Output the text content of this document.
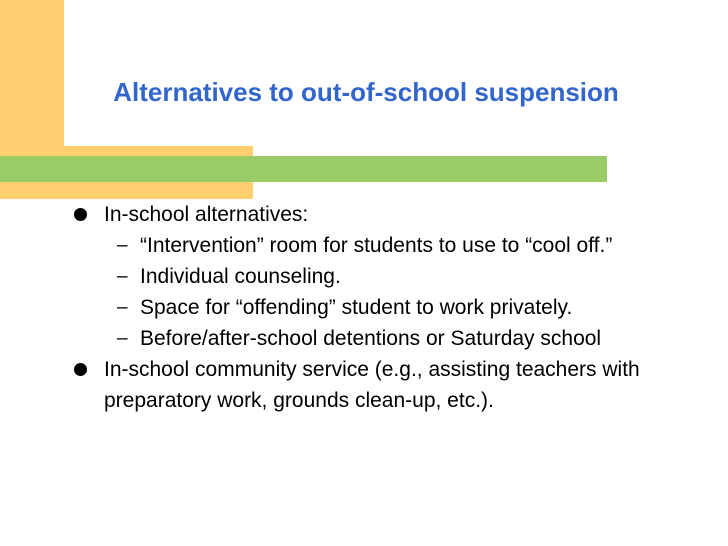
Alternatives to out-of-school suspension
In-school alternatives:
– “Intervention” room for students to use to “cool off.”
– Individual counseling.
– Space for “offending” student to work privately.
– Before/after-school detentions or Saturday school
In-school community service (e.g., assisting teachers with preparatory work, grounds clean-up, etc.).
